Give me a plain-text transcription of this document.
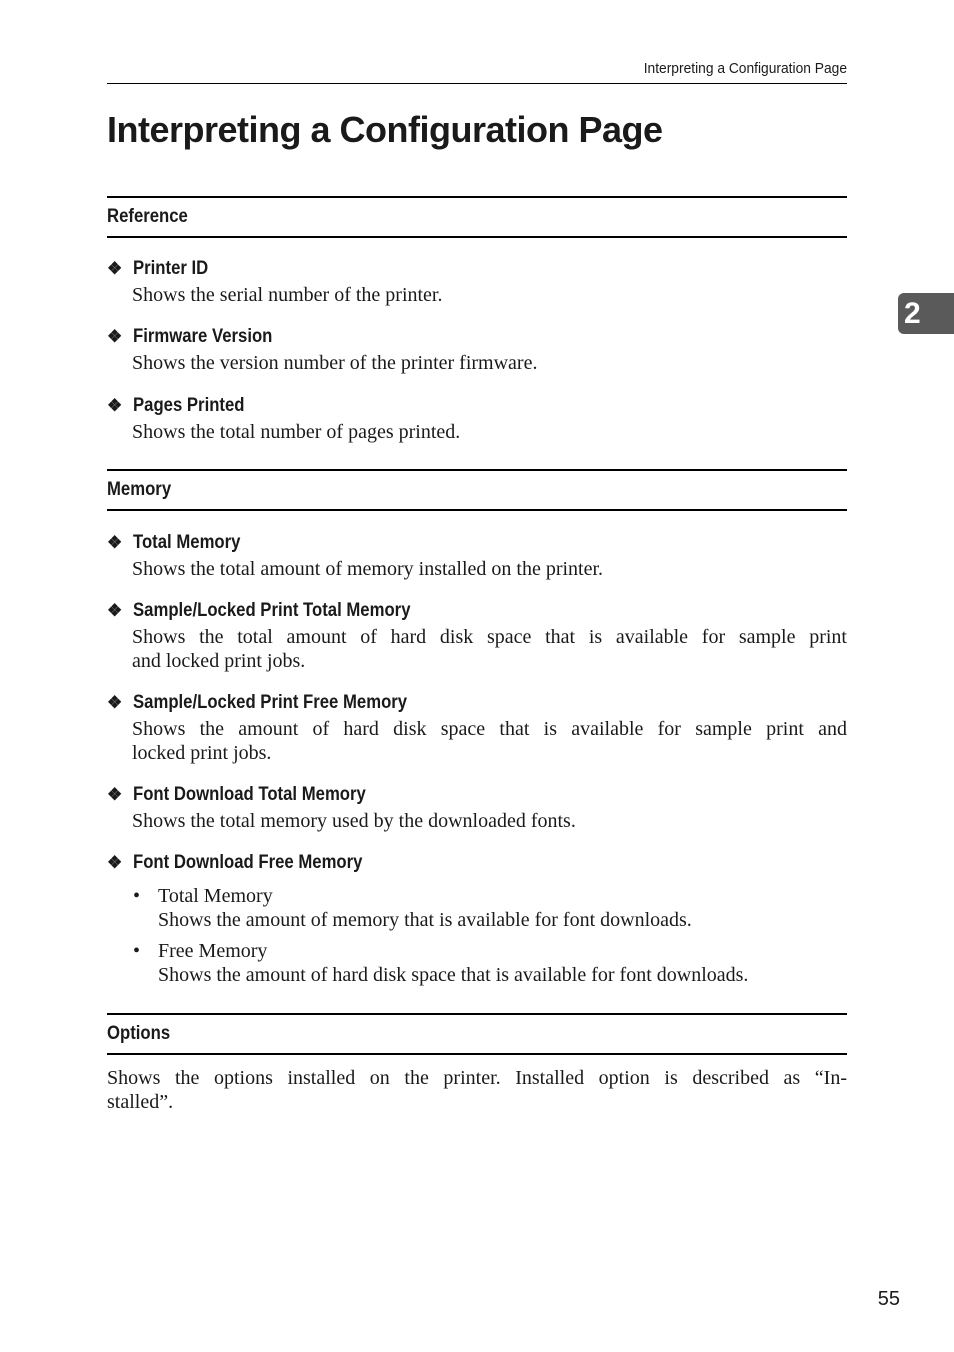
Interpreting a Configuration Page
Interpreting a Configuration Page
2
Reference
❖ Printer ID
Shows the serial number of the printer.
❖ Firmware Version
Shows the version number of the printer firmware.
❖ Pages Printed
Shows the total number of pages printed.
Memory
❖ Total Memory
Shows the total amount of memory installed on the printer.
❖ Sample/Locked Print Total Memory
Shows the total amount of hard disk space that is available for sample print
and locked print jobs.
❖ Sample/Locked Print Free Memory
Shows the amount of hard disk space that is available for sample print and
locked print jobs.
❖ Font Download Total Memory
Shows the total memory used by the downloaded fonts.
❖ Font Download Free Memory
• Total Memory
Shows the amount of memory that is available for font downloads.
• Free Memory
Shows the amount of hard disk space that is available for font downloads.
Options
Shows the options installed on the printer. Installed option is described as “In-
stalled”.
55
